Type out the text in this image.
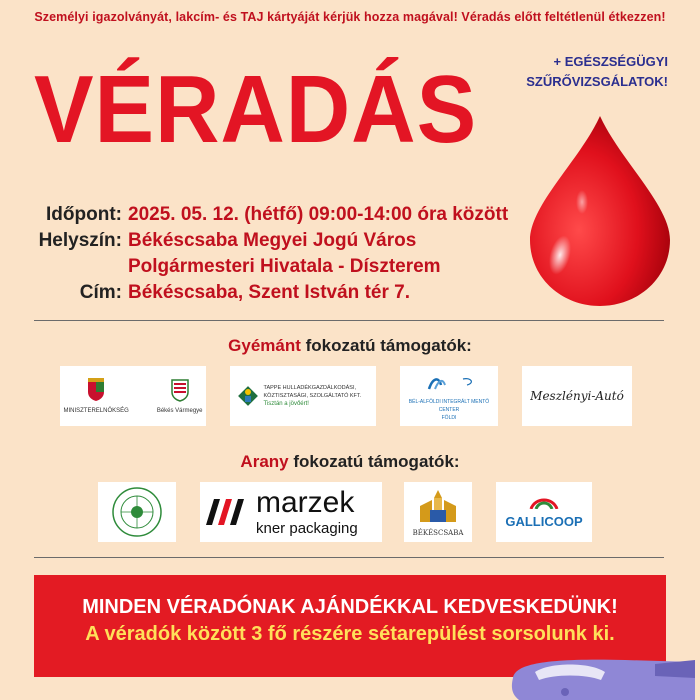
Személyi igazolványát, lakcím- és TAJ kártyáját kérjük hozza magával! Véradás előtt feltétlenül étkezzen!
VÉRADÁS	+ EGÉSZSÉGÜGYI
SZŰRŐVIZSGÁLATOK!
Időpont: 2025. 05. 12. (hétfő) 09:00-14:00 óra között
Helyszín: Békéscsaba Megyei Jogú Város
Polgármesteri Hivatala - Díszterem
Cím: Békéscsaba, Szent István tér 7.
Gyémánt fokozatú támogatók:
MINISZTERELNÖKSÉG	Békés Vármegye
TAPPE HULLADÉKGAZDÁLKODÁSI, KÖZTISZTASÁGI, SZOLGÁLTATÓ KFT.
Tisztán a jövőért!	BÉL-ALFÖLDI INTEGRÁLT MENTŐ CENTER
FÖLDI
Meszlényi-Autó
Arany fokozatú támogatók:
marzek
kner packaging	BÉKÉSCSABA
GALLICOOP
MINDEN VÉRADÓNAK AJÁNDÉKKAL KEDVESKEDÜNK!
A véradók között 3 fő részére sétarepülést sorsolunk ki.
